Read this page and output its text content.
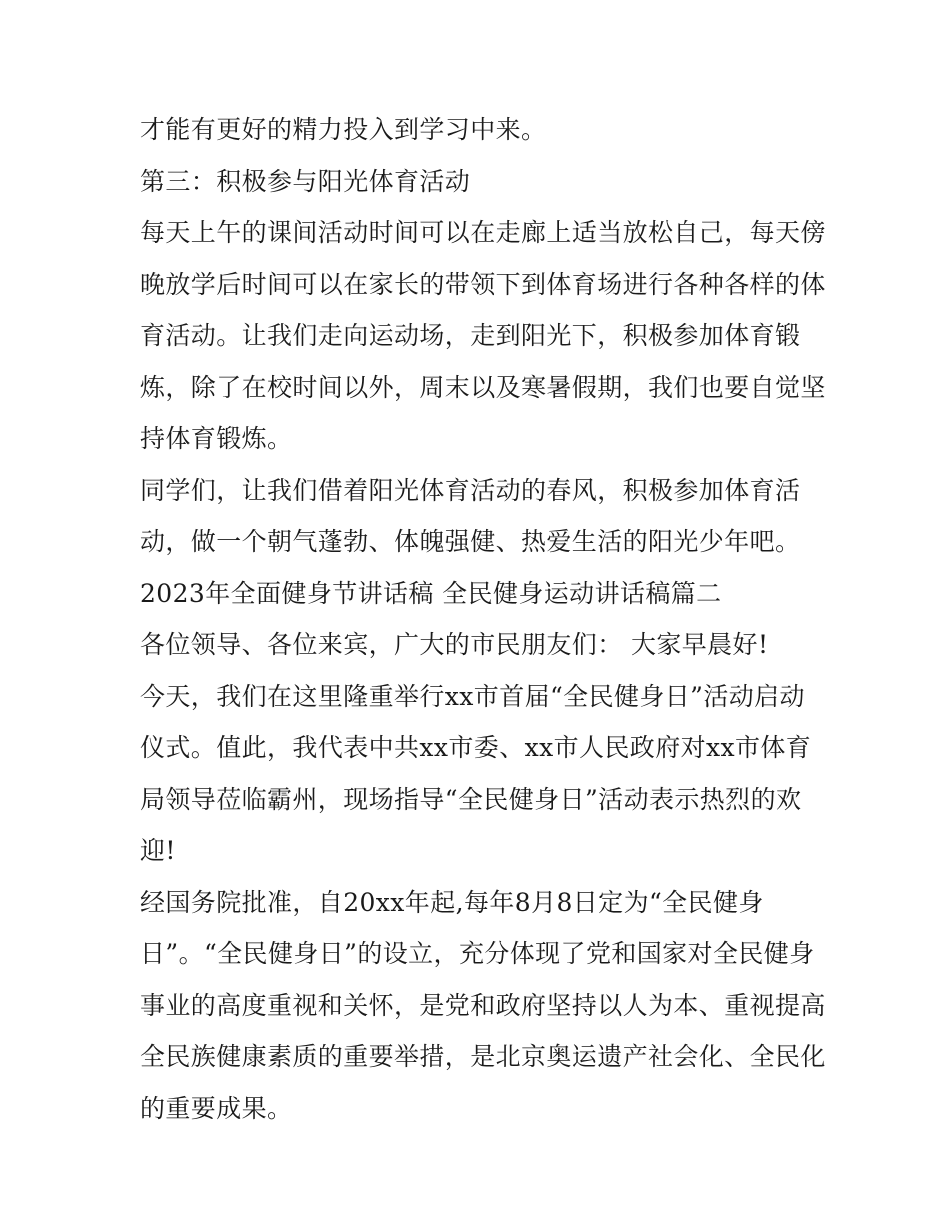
才能有更好的精力投入到学习中来。
第三：积极参与阳光体育活动
每天上午的课间活动时间可以在走廊上适当放松自己，每天傍
晚放学后时间可以在家长的带领下到体育场进行各种各样的体
育活动。让我们走向运动场，走到阳光下，积极参加体育锻
炼，除了在校时间以外，周末以及寒暑假期，我们也要自觉坚
持体育锻炼。
同学们，让我们借着阳光体育活动的春风，积极参加体育活
动，做一个朝气蓬勃、体魄强健、热爱生活的阳光少年吧。
2023年全面健身节讲话稿 全民健身运动讲话稿篇二
各位领导、各位来宾，广大的市民朋友们： 大家早晨好!
今天，我们在这里隆重举行xx市首届“全民健身日”活动启动
仪式。值此，我代表中共xx市委、xx市人民政府对xx市体育
局领导莅临霸州，现场指导“全民健身日”活动表示热烈的欢
迎!
经国务院批准，自20xx年起,每年8月8日定为“全民健身
日”。“全民健身日”的设立，充分体现了党和国家对全民健身
事业的高度重视和关怀，是党和政府坚持以人为本、重视提高
全民族健康素质的重要举措，是北京奥运遗产社会化、全民化
的重要成果。
